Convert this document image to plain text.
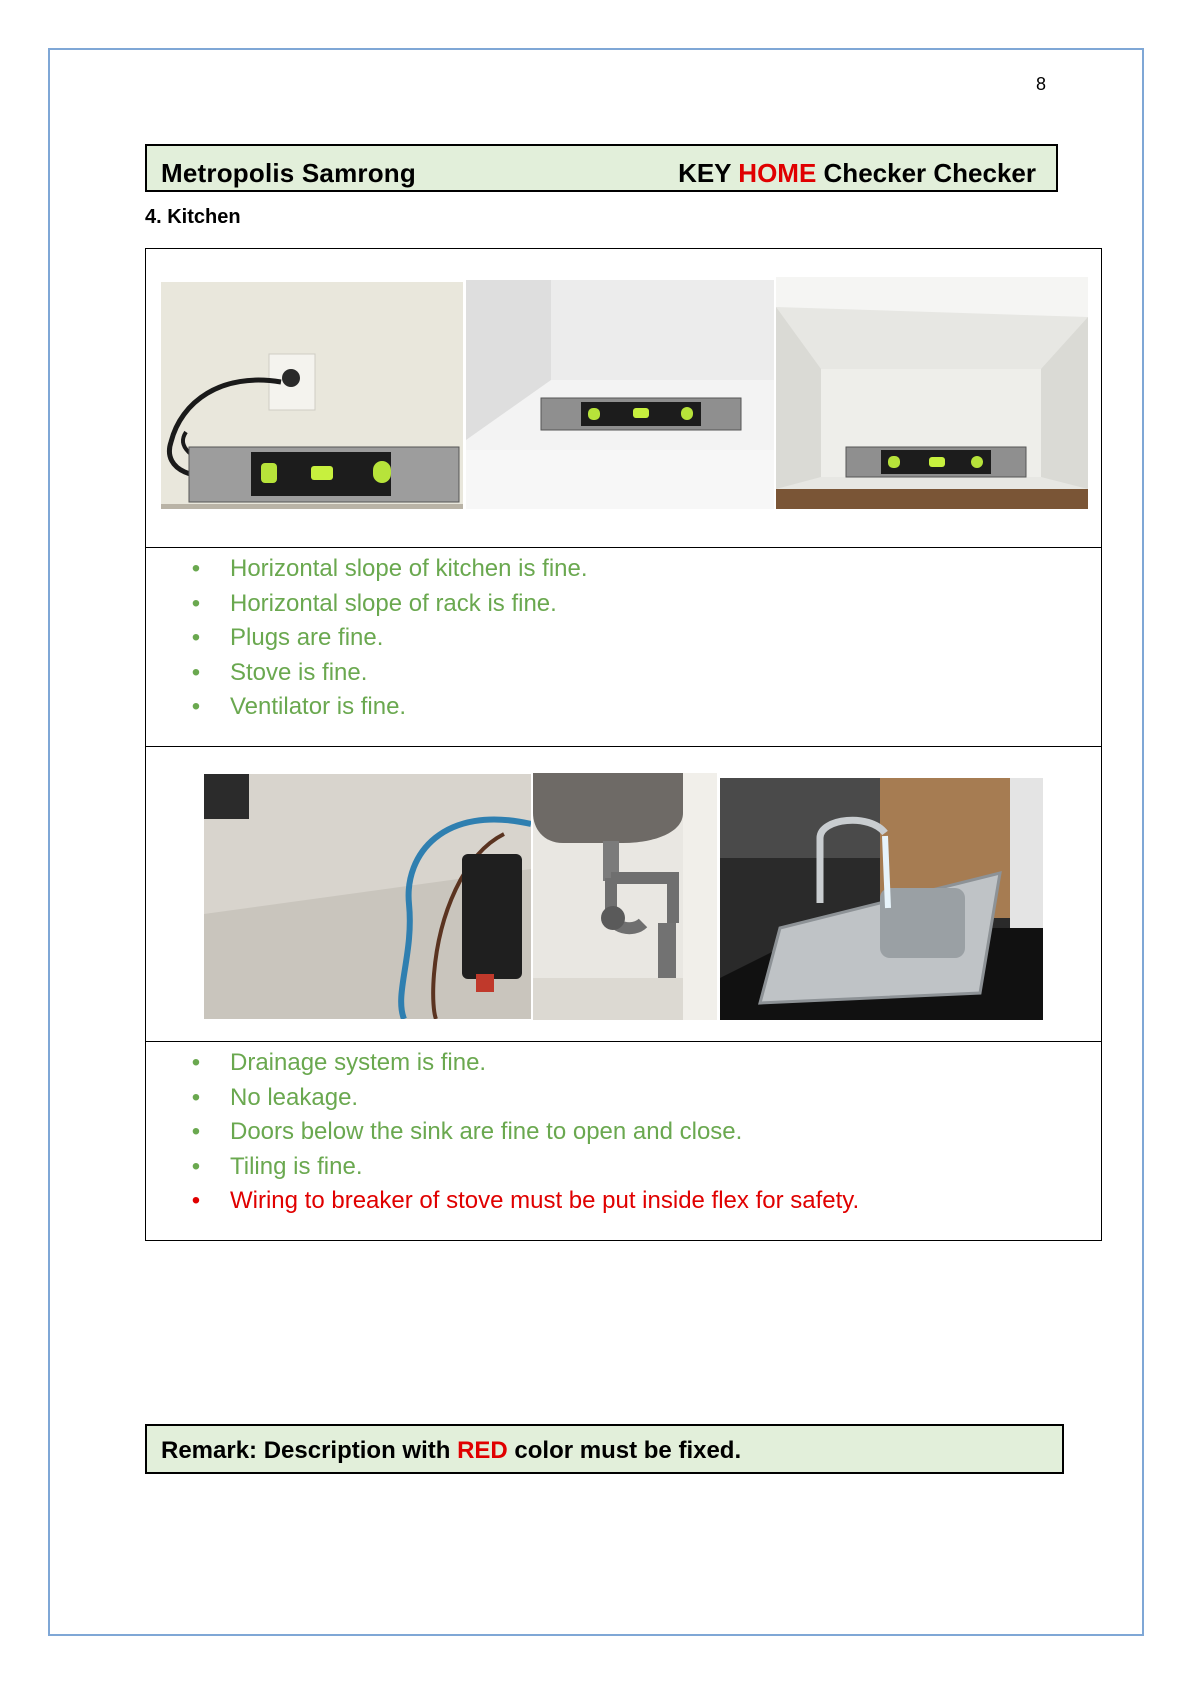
8
Metropolis Samrong	KEY HOME Checker Checker
4. Kitchen
• Horizontal slope of kitchen is fine.
• Horizontal slope of rack is fine.
• Plugs are fine.
• Stove is fine.
• Ventilator is fine.
• Drainage system is fine.
• No leakage.
• Doors below the sink are fine to open and close.
• Tiling is fine.
• Wiring to breaker of stove must be put inside flex for safety.
Remark: Description with RED color must be fixed.
